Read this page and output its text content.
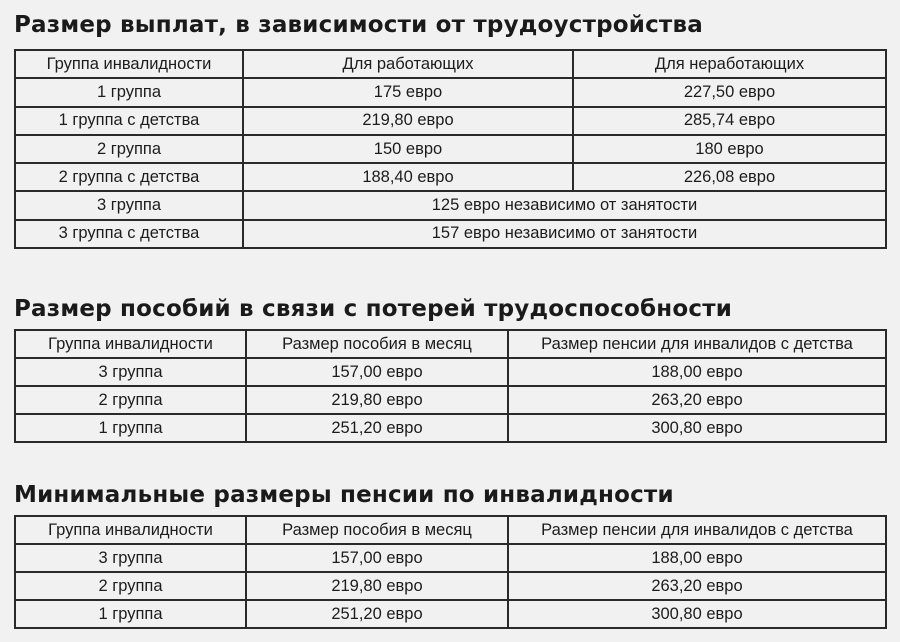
Размер выплат, в зависимости от трудоустройства
Группа инвалидности	Для работающих	Для неработающих
1 группа	175 евро	227,50 евро
1 группа с детства	219,80 евро	285,74 евро
2 группа	150 евро	180 евро
2 группа с детства	188,40 евро	226,08 евро
3 группа	125 евро независимо от занятости	
3 группа с детства	157 евро независимо от занятости	
Размер пособий в связи с потерей трудоспособности
Группа инвалидности	Размер пособия в месяц	Размер пенсии для инвалидов с детства
3 группа	157,00 евро	188,00 евро
2 группа	219,80 евро	263,20 евро
1 группа	251,20 евро	300,80 евро
Минимальные размеры пенсии по инвалидности
Группа инвалидности	Размер пособия в месяц	Размер пенсии для инвалидов с детства
3 группа	157,00 евро	188,00 евро
2 группа	219,80 евро	263,20 евро
1 группа	251,20 евро	300,80 евро
